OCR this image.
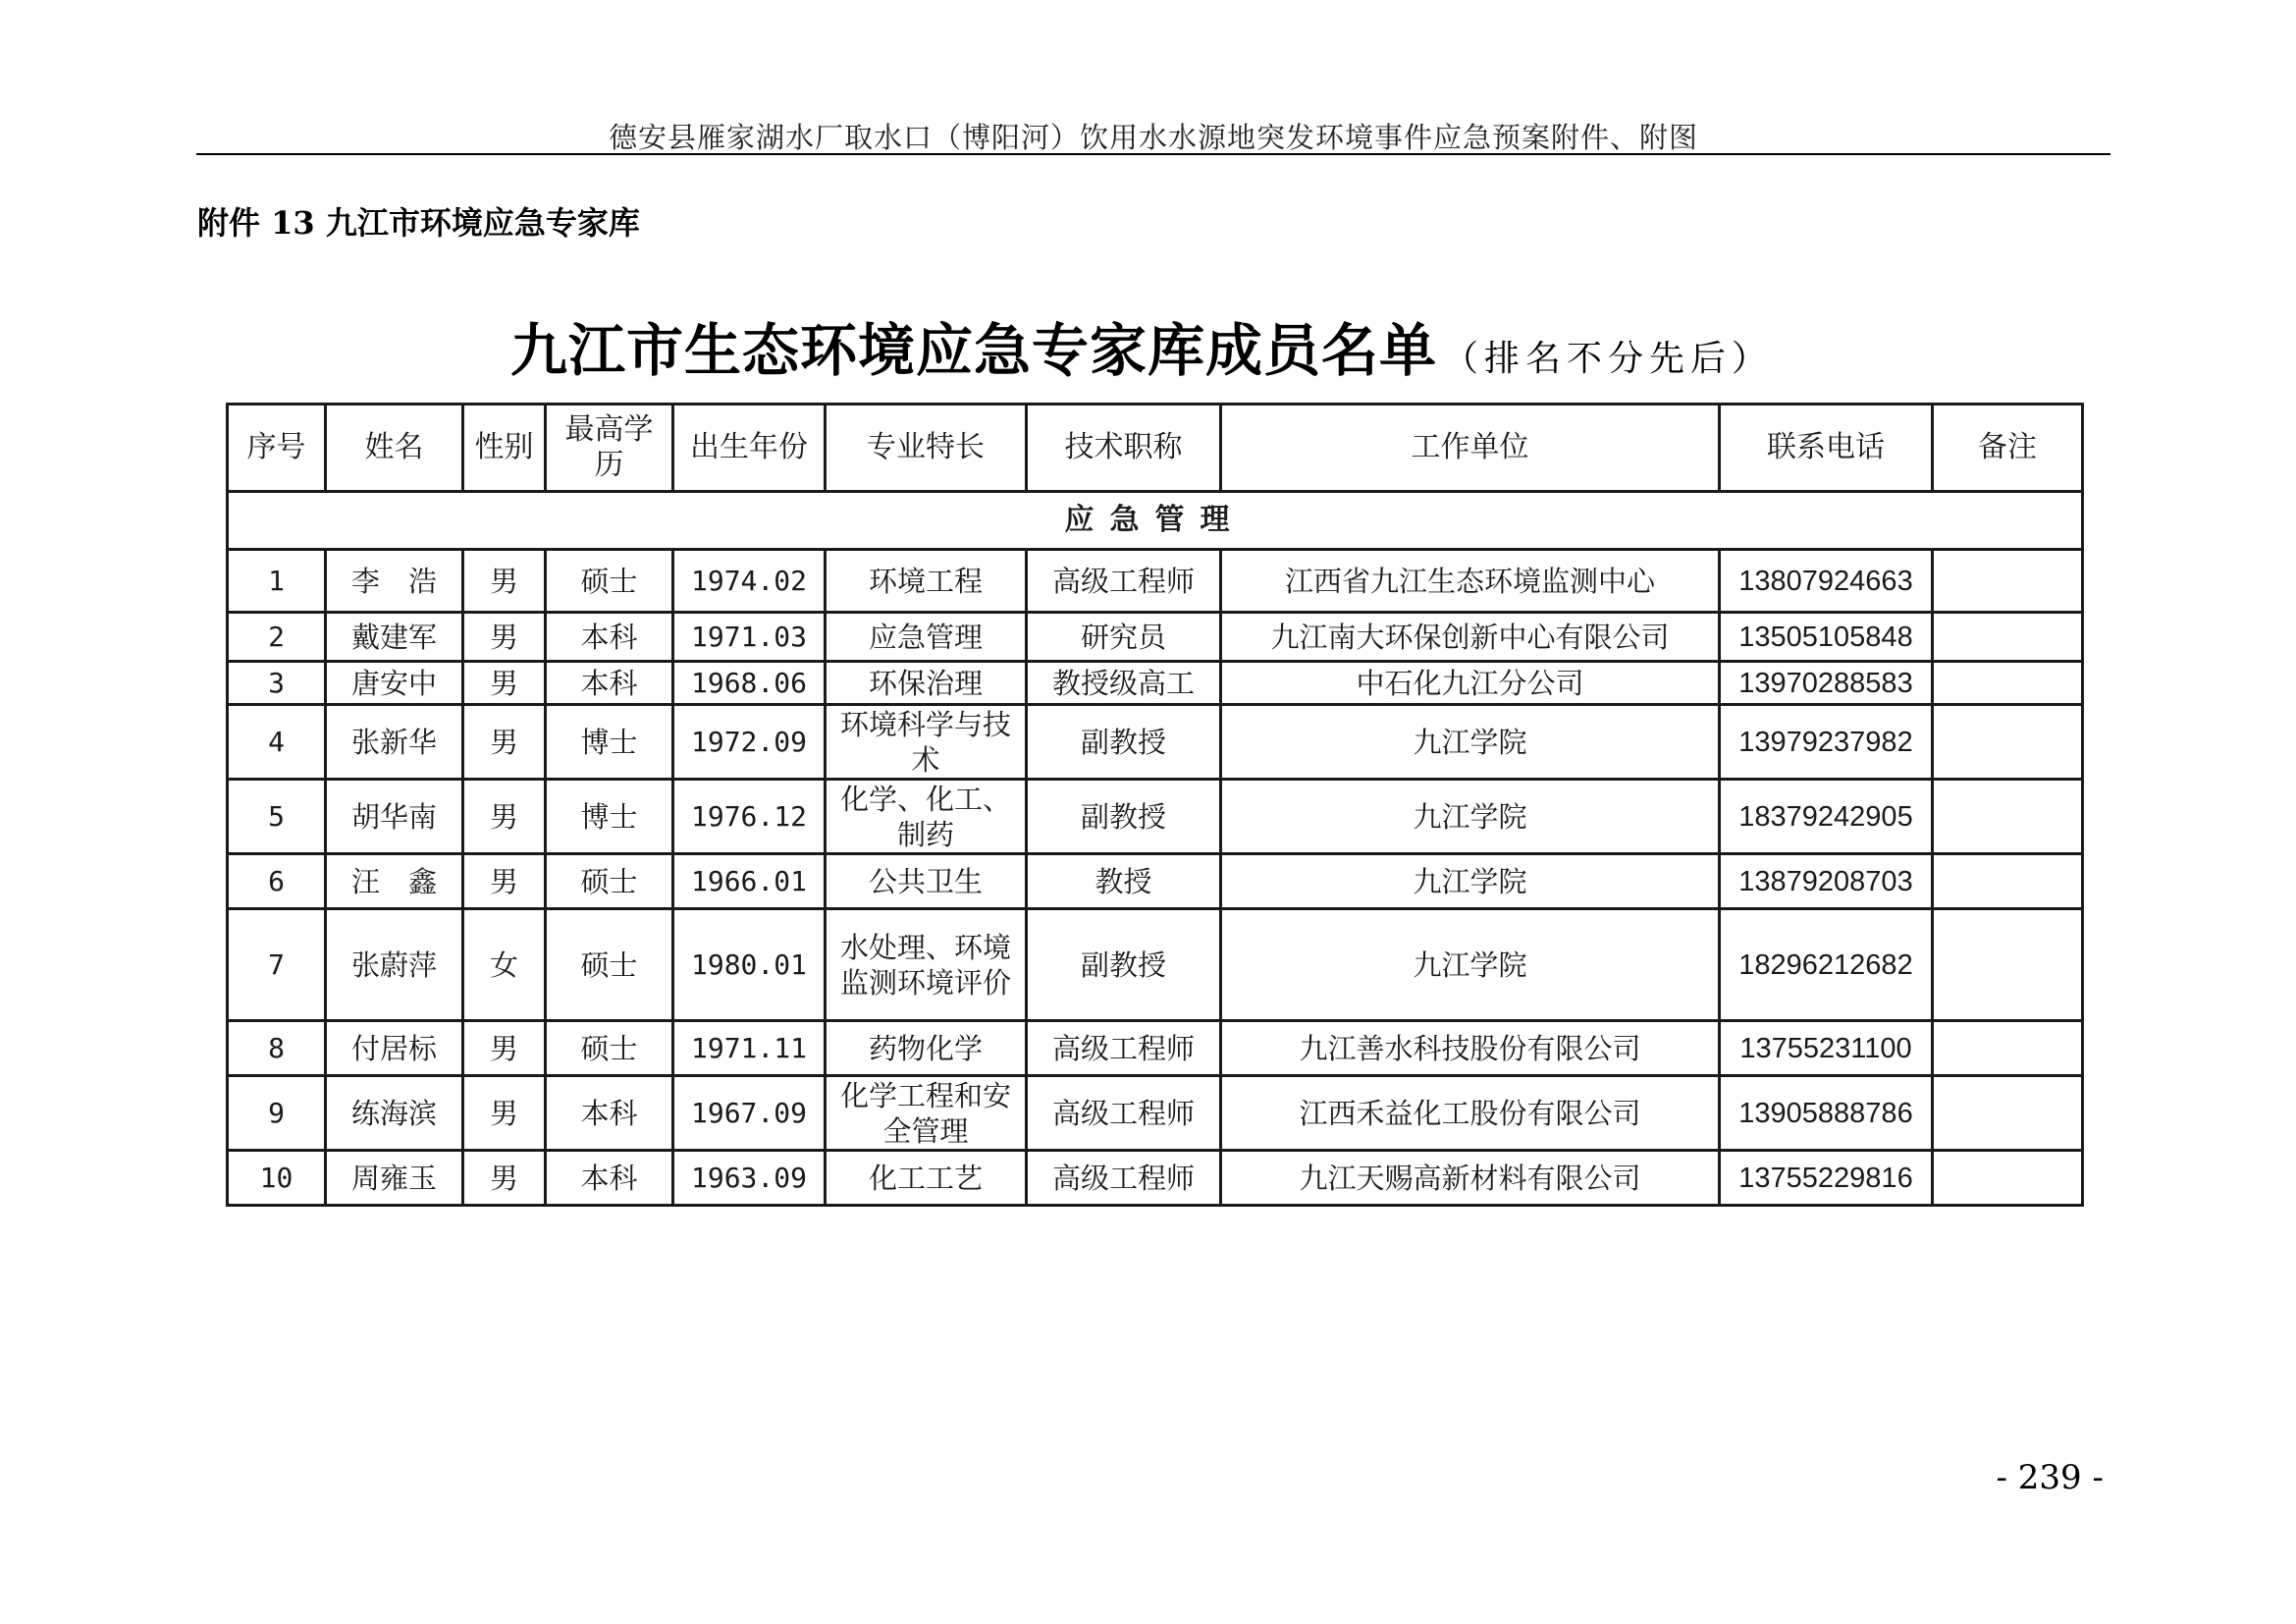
德安县雁家湖水厂取水口（博阳河）饮用水水源地突发环境事件应急预案附件、附图
附件 13 九江市环境应急专家库
九江市生态环境应急专家库成员名单 （排名不分先后）
序号	姓名	性别	最高学历	出生年份	专业特长	技术职称	工作单位	联系电话	备注
应急管理									
1	李　浩	男	硕士	1974.02	环境工程	高级工程师	江西省九江生态环境监测中心	13807924663	
2	戴建军	男	本科	1971.03	应急管理	研究员	九江南大环保创新中心有限公司	13505105848	
3	唐安中	男	本科	1968.06	环保治理	教授级高工	中石化九江分公司	13970288583	
4	张新华	男	博士	1972.09	环境科学与技术	副教授	九江学院	13979237982	
5	胡华南	男	博士	1976.12	化学、化工、制药	副教授	九江学院	18379242905	
6	汪　鑫	男	硕士	1966.01	公共卫生	教授	九江学院	13879208703	
7	张蔚萍	女	硕士	1980.01	水处理、环境监测环境评价	副教授	九江学院	18296212682	
8	付居标	男	硕士	1971.11	药物化学	高级工程师	九江善水科技股份有限公司	13755231100	
9	练海滨	男	本科	1967.09	化学工程和安全管理	高级工程师	江西禾益化工股份有限公司	13905888786	
10	周雍玉	男	本科	1963.09	化工工艺	高级工程师	九江天赐高新材料有限公司	13755229816	
- 239 -
